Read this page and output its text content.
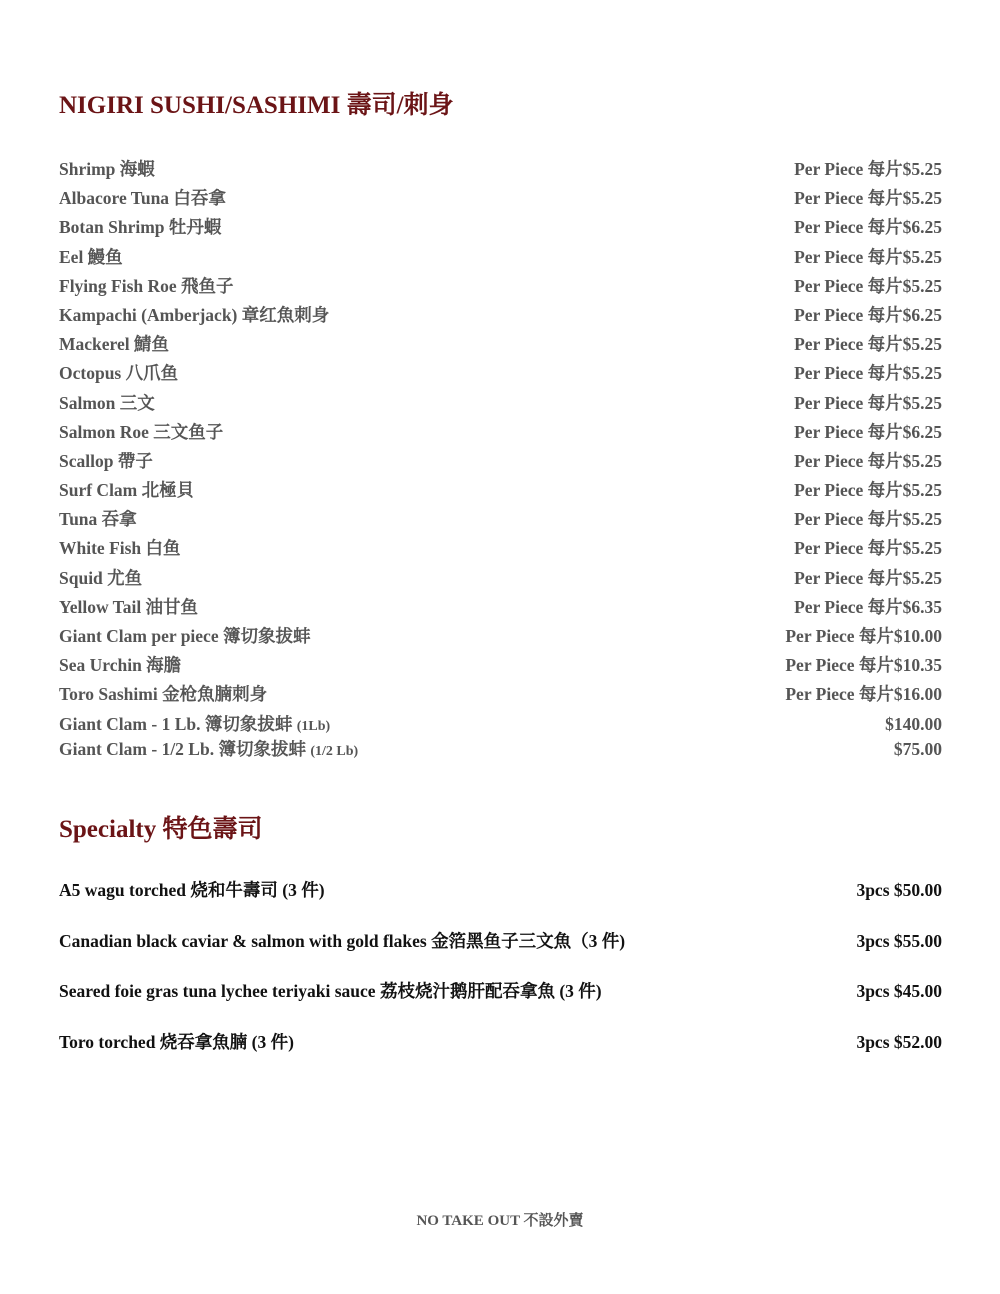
NIGIRI SUSHI/SASHIMI 壽司/刺身
Shrimp 海蝦	Per Piece 每片$5.25
Albacore Tuna 白吞拿	Per Piece 每片$5.25
Botan Shrimp 牡丹蝦	Per Piece 每片$6.25
Eel 鰻鱼	Per Piece 每片$5.25
Flying Fish Roe 飛鱼子	Per Piece 每片$5.25
Kampachi (Amberjack) 章红魚刺身	Per Piece 每片$6.25
Mackerel 鯖鱼	Per Piece 每片$5.25
Octopus 八爪鱼	Per Piece 每片$5.25
Salmon 三文	Per Piece 每片$5.25
Salmon Roe 三文鱼子	Per Piece 每片$6.25
Scallop 帶子	Per Piece 每片$5.25
Surf Clam 北極貝	Per Piece 每片$5.25
Tuna 吞拿	Per Piece 每片$5.25
White Fish 白鱼	Per Piece 每片$5.25
Squid 尤鱼	Per Piece 每片$5.25
Yellow Tail 油甘鱼	Per Piece 每片$6.35
Giant Clam per piece 簿切象拔蚌	Per Piece 每片$10.00
Sea Urchin 海膽	Per Piece 每片$10.35
Toro Sashimi 金枪魚腩刺身	Per Piece 每片$16.00
Giant Clam - 1 Lb. 簿切象拔蚌 (1Lb)	$140.00
Giant Clam - 1/2 Lb. 簿切象拔蚌 (1/2 Lb)	$75.00
Specialty 特色壽司
A5 wagu torched 烧和牛壽司 (3 件)	3pcs $50.00
Canadian black caviar & salmon with gold flakes 金箔黑鱼子三文魚（3 件)	3pcs $55.00
Seared foie gras tuna lychee teriyaki sauce 荔枝烧汁鹅肝配吞拿魚 (3 件)	3pcs $45.00
Toro torched 烧吞拿魚腩 (3 件)	3pcs $52.00
NO TAKE OUT 不設外賣
